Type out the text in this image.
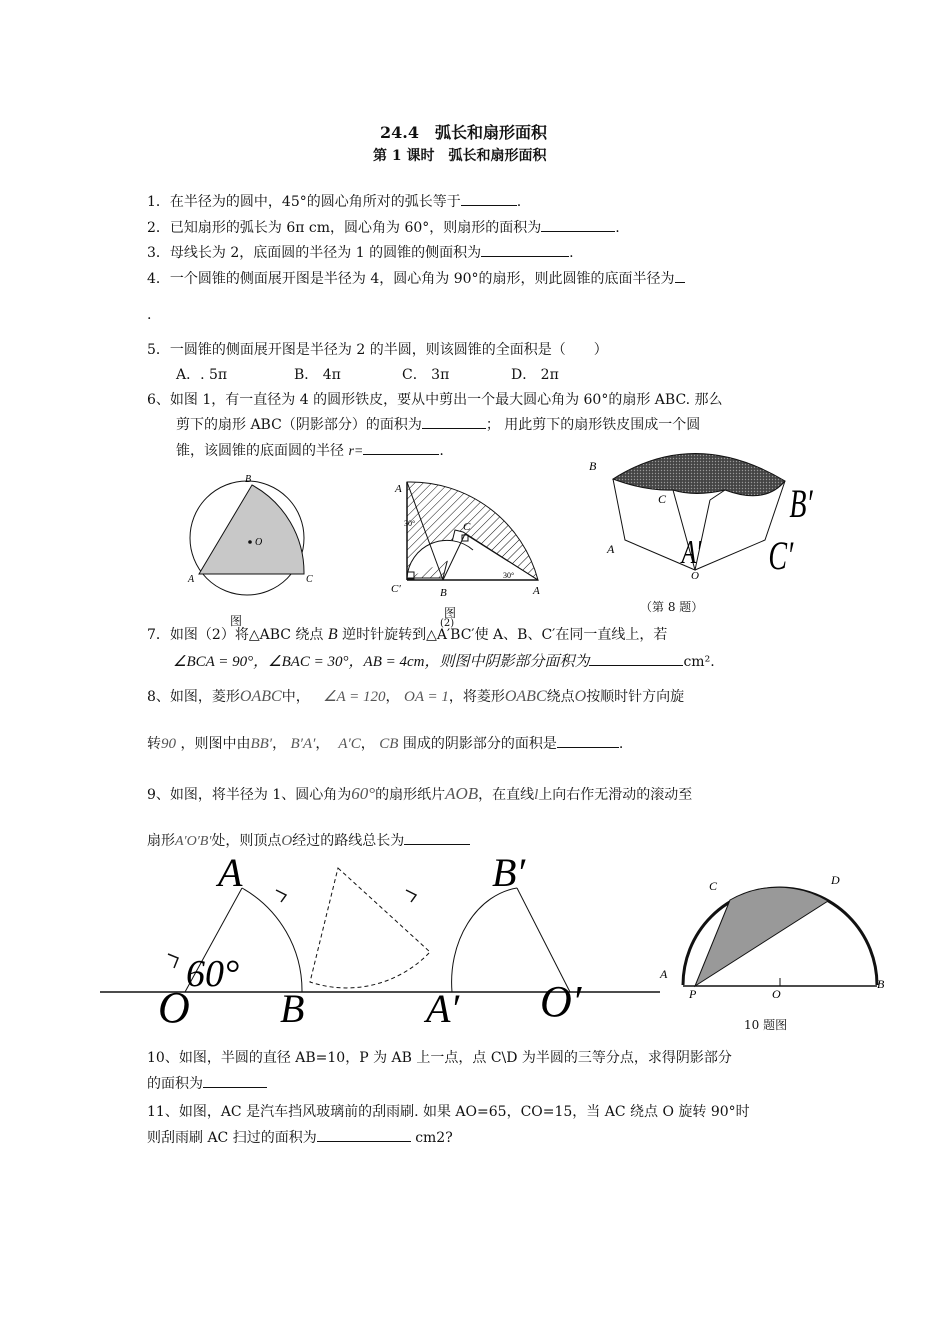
24.4　弧长和扇形面积
第 1 课时　弧长和扇形面积
1．在半径为的圆中，45°的圆心角所对的弧长等于	.
2．已知扇形的弧长为 6π cm，圆心角为 60°，则扇形的面积为	.
3．母线长为 2，底面圆的半径为 1 的圆锥的侧面积为	.
4．一个圆锥的侧面展开图是半径为 4，圆心角为 90°的扇形，则此圆锥的底面半径为
.
5．一圆锥的侧面展开图是半径为 2 的半圆，则该圆锥的全面积是（　　）
A．. 5π	B． 4π	C． 3π	D． 2π
6、如图 1，有一直径为 4 的圆形铁皮，要从中剪出一个最大圆心角为 60°的扇形 ABC. 那么
剪下的扇形 ABC（阴影部分）的面积为	； 用此剪下的扇形铁皮围成一个圆
锥，该圆锥的底面圆的半径 r=	.
B
O
A	C
图
A
30°	C
C′	B
30°
A
图
(2)
B
C
A
O
A′
B′
C′
（第 8 题）
7．如图（2）将△ABC 绕点 B 逆时针旋转到△A′BC′使 A、B、C′在同一直线上，若
∠BCA = 90°，∠BAC = 30°，AB = 4cm，则图中阴影部分面积为	cm².
8、如图，菱形OABC中， ∠A = 120， OA = 1，将菱形OABC绕点O按顺时针方向旋
转90 ，则图中由BB′， B′A′， A′C， CB 围成的阴影部分的面积是	.
9、如图，将半径为 1、圆心角为60°的扇形纸片AOB，在直线l上向右作无滑动的滚动至
扇形A′O′B′处，则顶点O经过的路线总长为
A	B′
60°
O B	A′ O′
C	D
A
P	O
B
10 题图
10、如图，半圆的直径 AB=10，P 为 AB 上一点，点 C\D 为半圆的三等分点，求得阴影部分
的面积为
11、如图，AC 是汽车挡风玻璃前的刮雨刷. 如果 AO=65，CO=15，当 AC 绕点 O 旋转 90°时
则刮雨刷 AC 扫过的面积为	cm2?
